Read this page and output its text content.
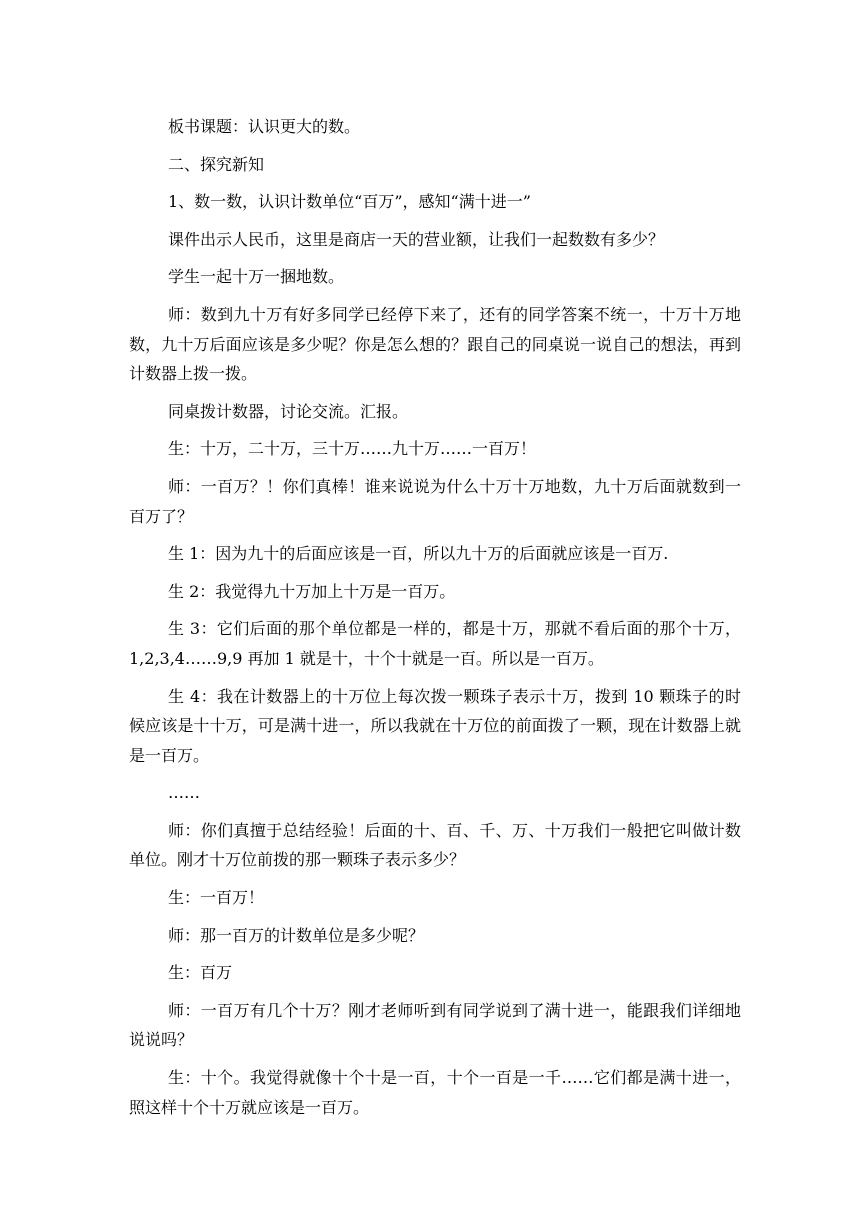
板书课题：认识更大的数。

二、探究新知

1、数一数，认识计数单位“百万”，感知“满十进一”

课件出示人民币，这里是商店一天的营业额，让我们一起数数有多少？

学生一起十万一捆地数。

师：数到九十万有好多同学已经停下来了，还有的同学答案不统一，十万十万地数，九十万后面应该是多少呢？你是怎么想的？跟自己的同桌说一说自己的想法，再到计数器上拨一拨。

同桌拨计数器，讨论交流。汇报。

生：十万，二十万，三十万……九十万……一百万！

师：一百万？！你们真棒！谁来说说为什么十万十万地数，九十万后面就数到一百万了？

生 1：因为九十的后面应该是一百，所以九十万的后面就应该是一百万.

生 2：我觉得九十万加上十万是一百万。

生 3：它们后面的那个单位都是一样的，都是十万，那就不看后面的那个十万，1,2,3,4……9,9 再加 1 就是十，十个十就是一百。所以是一百万。

生 4：我在计数器上的十万位上每次拨一颗珠子表示十万，拨到 10 颗珠子的时候应该是十十万，可是满十进一，所以我就在十万位的前面拨了一颗，现在计数器上就是一百万。

……

师：你们真擅于总结经验！后面的十、百、千、万、十万我们一般把它叫做计数单位。刚才十万位前拨的那一颗珠子表示多少？

生：一百万！

师：那一百万的计数单位是多少呢？

生：百万

师：一百万有几个十万？刚才老师听到有同学说到了满十进一，能跟我们详细地说说吗？

生：十个。我觉得就像十个十是一百，十个一百是一千……它们都是满十进一，照这样十个十万就应该是一百万。
